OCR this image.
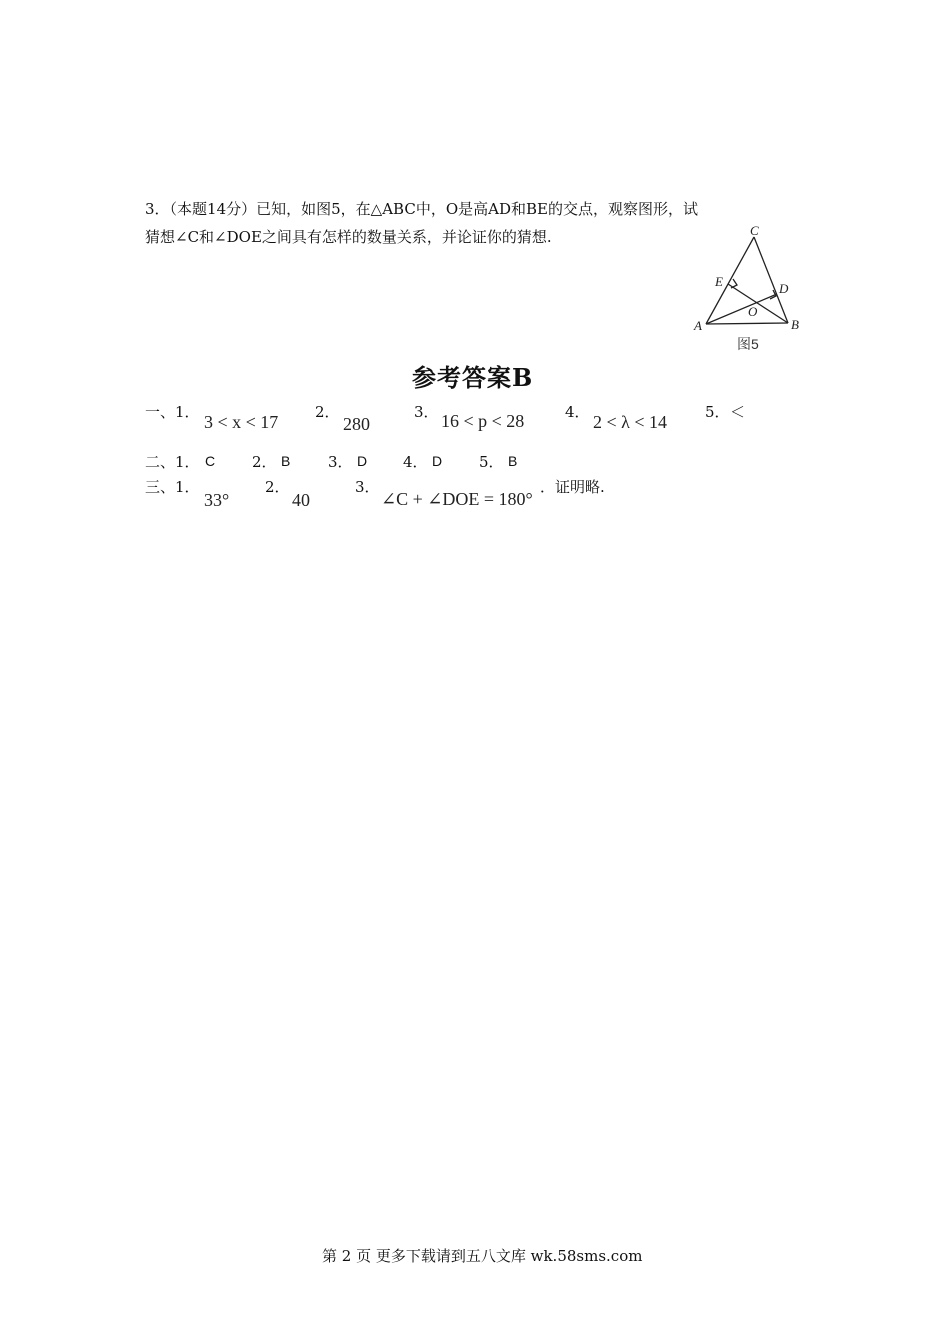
3．（本题14分）已知，如图5，在△ABC中，O是高AD和BE的交点，观察图形，试
猜想∠C和∠DOE之间具有怎样的数量关系，并论证你的猜想.	C
E	D
O
A	B
图5
参考答案B
一、1． 3 < x < 17 2．
280
3． 16 < p < 28	4． 2 < λ < 14	5． ＜
二、1． C 2． B	3． D 4． D 5． B
三、1．
33°
2．
40
3．
∠C + ∠DOE = 180°
．证明略.
第 2 页 更多下载请到五八文库 wk.58sms.com
